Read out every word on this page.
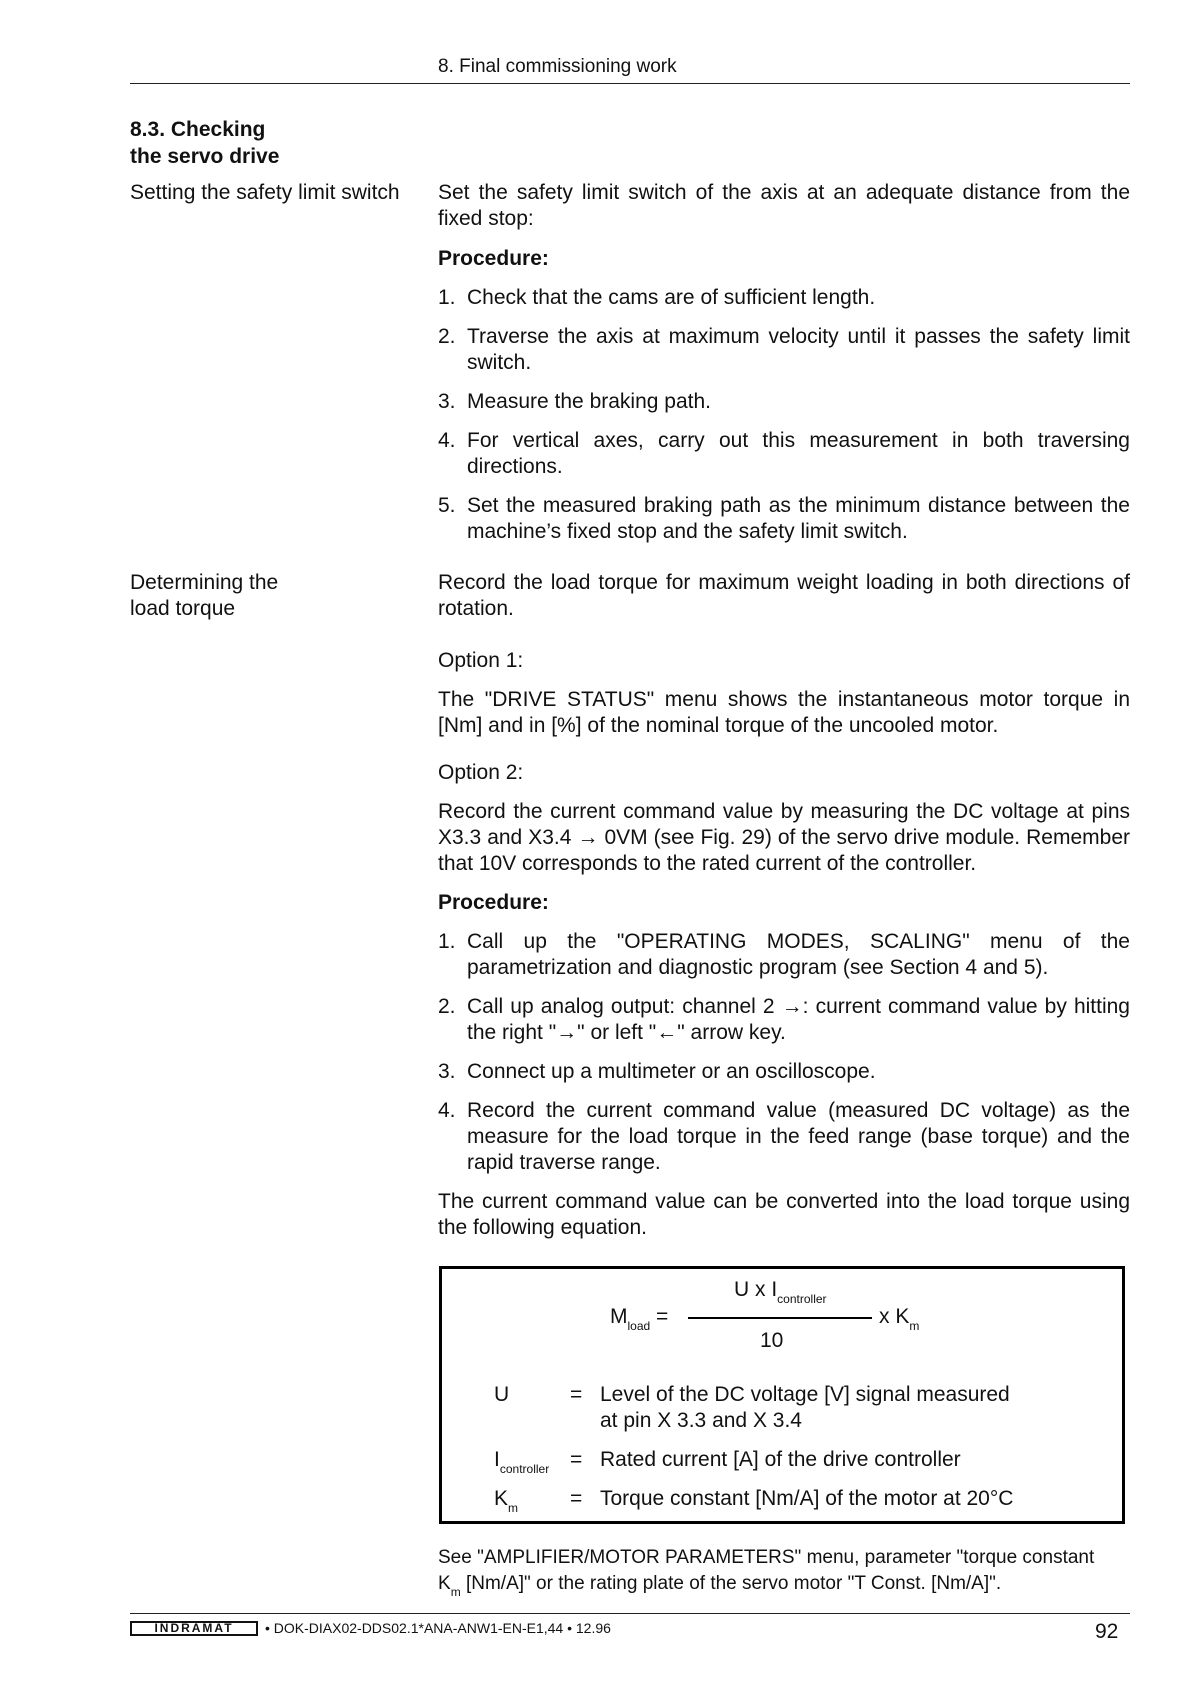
8. Final commissioning work
8.3. Checking
the servo drive
Setting the safety limit switch Set the safety limit switch of the axis at an adequate distance from the fixed stop:
Procedure:
1. Check that the cams are of sufficient length.
2. Traverse the axis at maximum velocity until it passes the safety limit switch.
3. Measure the braking path.
4. For vertical axes, carry out this measurement in both traversing directions.
5. Set the measured braking path as the minimum distance between the machine’s fixed stop and the safety limit switch.
Determining the
load torque
Record the load torque for maximum weight loading in both directions of rotation.
Option 1:
The "DRIVE STATUS" menu shows the instantaneous motor torque in [Nm] and in [%] of the nominal torque of the uncooled motor.
Option 2:
Record the current command value by measuring the DC voltage at pins X3.3 and X3.4 → 0VM (see Fig. 29) of the servo drive module. Remember that 10V corresponds to the rated current of the controller.
Procedure:
1. Call up the "OPERATING MODES, SCALING" menu of the parametrization and diagnostic program (see Section 4 and 5).
2. Call up analog output: channel 2 →: current command value by hitting the right "→" or left "←" arrow key.
3. Connect up a multimeter or an oscilloscope.
4. Record the current command value (measured DC voltage) as the measure for the load torque in the feed range (base torque) and the rapid traverse range.
The current command value can be converted into the load torque using the following equation.
$M_{load}$ =
U x $I_{controller}$
10
x $K_m$
U	= Level of the DC voltage [V] signal measured
at pin X 3.3 and X 3.4
$I_{controller}$ = Rated current [A] of the drive controller
$K_m$ = Torque constant [Nm/A] of the motor at 20°C
See "AMPLIFIER/MOTOR PARAMETERS" menu, parameter "torque constant
$K_m$ [Nm/A]" or the rating plate of the servo motor "T Const. [Nm/A]".
INDRAMAT	• DOK-DIAX02-DDS02.1*ANA-ANW1-EN-E1,44 • 12.96	92
